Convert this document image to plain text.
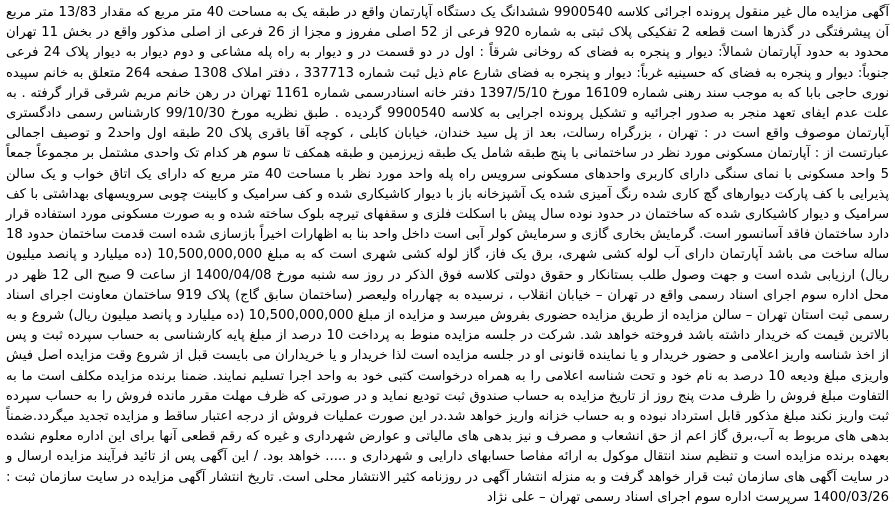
آگهی مزایده مال غیر منقول پرونده اجرائی کلاسه 9900540 ششدانگ یک دستگاه آپارتمان واقع در طبقه یک به مساحت 40 متر مربع که مقدار 13/83 متر مربع آن پیشرفتگی در گذرها است قطعه 2 تفکیکی پلاک ثبتی به شماره 920 فرعی از 52 اصلی مفروز و مجزا از 26 فرعی از اصلی مذکور واقع در بخش 11 تهران محدود به حدود آپارتمان شمالاً: دیوار و پنجره به فضای که روخانی شرقاً : اول در دو قسمت در و دیوار به راه پله مشاعی و دوم دیوار به دیوار پلاک 24 فرعی جنوباً: دیوار و پنجره به فضای که حسینیه غرباً: دیوار و پنجره به فضای شارع عام ذیل ثبت شماره 337713 ، دفتر املاک 1308 صفحه 264 متعلق به خانم سپیده نوری حاجی بابا که به موجب سند رهنی شماره 16109 مورخ 1397/5/10 دفتر خانه اسنادرسمی شماره 1161 تهران در رهن خانم مریم شرقی قرار گرفته . به علت عدم ایفای تعهد منجر به صدور اجرائیه و تشکیل پرونده اجرایی به کلاسه 9900540 گردیده . طبق نظریه مورخ 99/10/30 کارشناس رسمی دادگستری آپارتمان موصوف واقع است در : تهران ، بزرگراه رسالت، بعد از پل سید خندان، خیابان کابلی ، کوچه آقا باقری پلاک 20 طبقه اول واحد2 و توصیف اجمالی عبارتست از : آپارتمان مسکونی مورد نظر در ساختمانی با پنج طبقه شامل یک طبقه زیرزمین و طبقه همکف تا سوم هر کدام تک واحدی مشتمل بر مجموعاً جمعاً 5 واحد مسکونی با نمای سنگی دارای کاربری واحدهای مسکونی سرویس راه پله واحد مورد نظر با مساحت 40 متر مربع که دارای یک اتاق خواب و یک سالن پذیرایی با کف پارکت دیوارهای گچ کاری شده رنگ آمیزی شده یک آشپزخانه باز با دیوار کاشیکاری شده و کف سرامیک و کابینت چوبی سرویسهای بهداشتی با کف سرامیک و دیوار کاشیکاری شده که ساختمان در حدود نوده سال پیش با اسکلت فلزی و سقفهای تیرچه بلوک ساخته شده و به صورت مسکونی مورد استفاده قرار دارد ساختمان فاقد آسانسور است. گرمایش بخاری گازی و سرمایش کولر آبی است داخل واحد بنا به اظهارات اخیراً بازسازی شده است قدمت ساختمان حدود 18 ساله ساخت می باشد آپارتمان دارای آب لوله کشی شهری، برق یک فاز، گاز لوله کشی شهری است که به مبلغ 10,500,000,000 (ده میلیارد و پانصد میلیون ریال) ارزیابی شده است و جهت وصول طلب بستانکار و حقوق دولتی کلاسه فوق الذکر در روز سه شنبه مورخ 1400/04/08 از ساعت 9 صبح الی 12 ظهر در محل اداره سوم اجرای اسناد رسمی واقع در تهران – خیابان انقلاب ، نرسیده به چهارراه ولیعصر (ساختمان سابق گاج) پلاک 919 ساختمان معاونت اجرای اسناد رسمی ثبت استان تهران – سالن مزایده از طریق مزایده حضوری بفروش میرسد و مزایده از مبلغ 10,500,000,000 (ده میلیارد و پانصد میلیون ریال) شروع و به بالاترین قیمت که خریدار داشته باشد فروخته خواهد شد. شرکت در جلسه مزایده منوط به پرداخت 10 درصد از مبلغ پایه کارشناسی به حساب سپرده ثبت و پس از اخذ شناسه واریز اعلامی و حضور خریدار و یا نماینده قانونی او در جلسه مزایده است لذا خریدار و یا خریداران می بایست قبل از شروع وقت مزایده اصل فیش واریزی مبلغ ودیعه 10 درصد به نام خود و تحت شناسه اعلامی را به همراه درخواست کتبی خود به واحد اجرا تسلیم نمایند. ضمنا برنده مزایده مکلف است ما به التفاوت مبلغ فروش را ظرف مدت پنج روز از تاریخ مزایده به حساب صندوق ثبت تودیع نماید و در صورتی که ظرف مهلت مقرر مانده فروش را به حساب سپرده ثبت واریز نکند مبلغ مذکور قابل استرداد نبوده و به حساب خزانه واریز خواهد شد.در این صورت عملیات فروش از درجه اعتبار ساقط و مزایده تجدید میگردد.ضمناً بدهی های مربوط به آب،برق گاز اعم از حق انشعاب و مصرف و نیز بدهی های مالیاتی و عوارض شهرداری و غیره که رقم قطعی آنها برای این اداره معلوم نشده بعهده برنده مزایده است و تنظیم سند انتقال موکول به ارائه مفاصا حسابهای دارایی و شهرداری و ..... خواهد بود. / این آگهی پس از تائید فرآیند مزایده ارسال و در سایت آگهی های سازمان ثبت قرار خواهد گرفت و به منزله انتشار آگهی در روزنامه کثیر الانتشار محلی است. تاریخ انتشار آگهی مزایده در سایت سازمان ثبت : 1400/03/26 سرپرست اداره سوم اجرای اسناد رسمی تهران – علی نژاد
